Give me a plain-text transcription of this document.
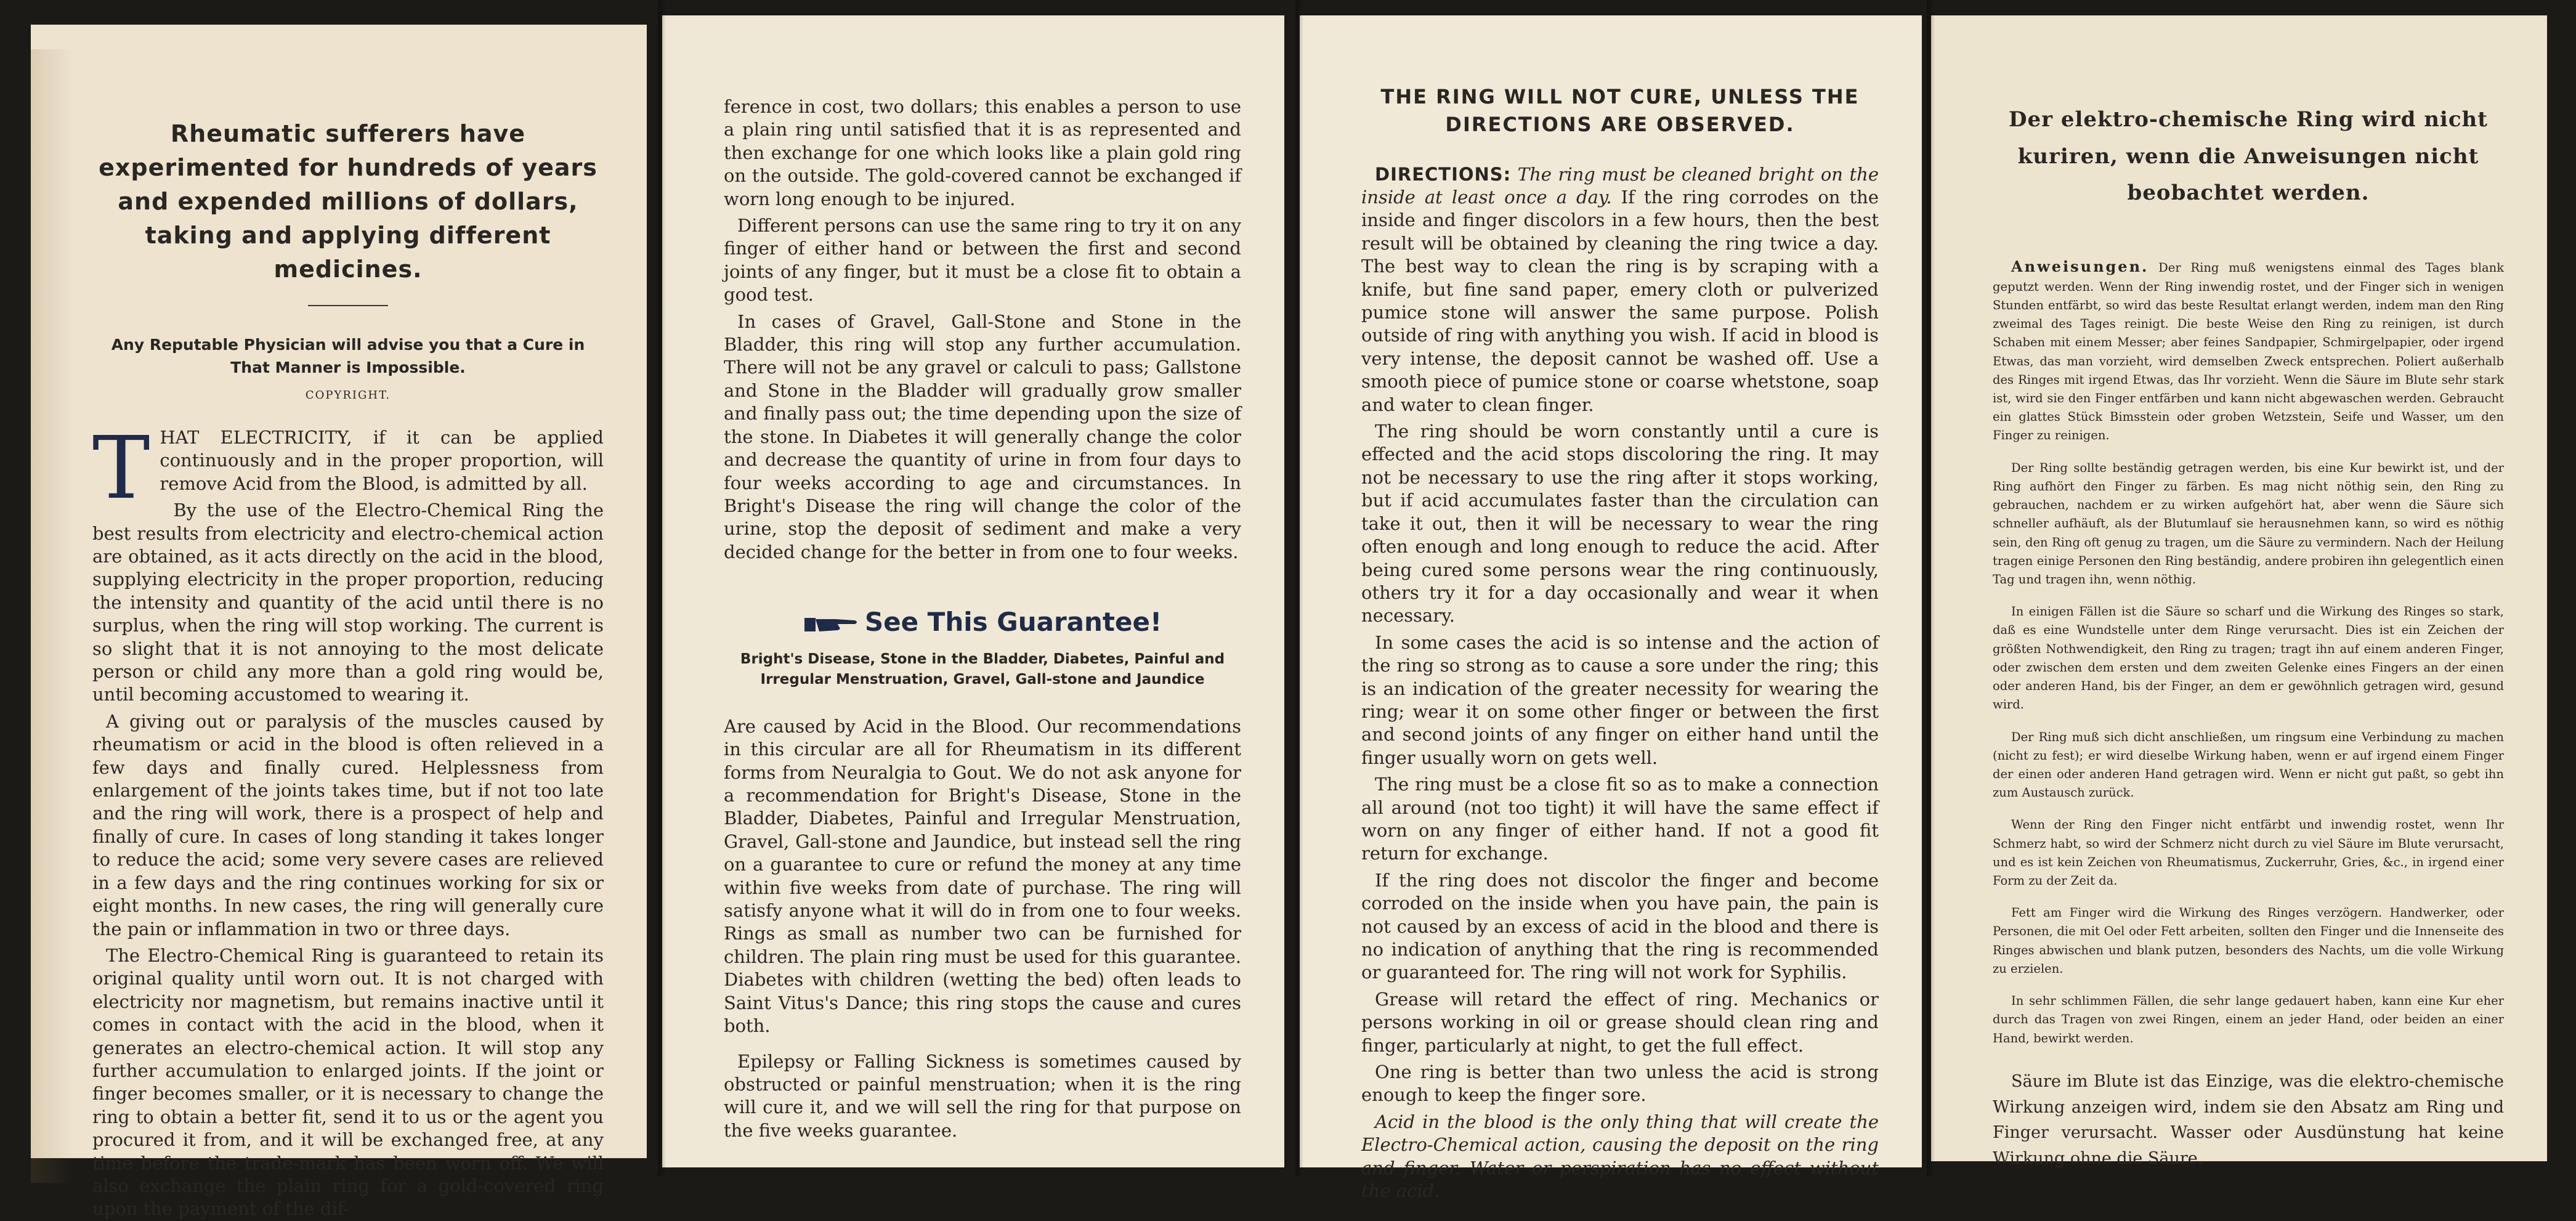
Rheumatic sufferers have experimented for hundreds of years and expended millions of dollars, taking and applying different medicines.

Any Reputable Physician will advise you that a Cure in That Manner is Impossible.

COPYRIGHT.

THAT ELECTRICITY, if it can be applied continuously and in the proper proportion, will remove Acid from the Blood, is admitted by all.

By the use of the Electro-Chemical Ring the best results from electricity and electro-chemical action are obtained, as it acts directly on the acid in the blood, supplying electricity in the proper proportion, reducing the intensity and quantity of the acid until there is no surplus, when the ring will stop working. The current is so slight that it is not annoying to the most delicate person or child any more than a gold ring would be, until becoming accustomed to wearing it.

A giving out or paralysis of the muscles caused by rheumatism or acid in the blood is often relieved in a few days and finally cured. Helplessness from enlargement of the joints takes time, but if not too late and the ring will work, there is a prospect of help and finally of cure. In cases of long standing it takes longer to reduce the acid; some very severe cases are relieved in a few days and the ring continues working for six or eight months. In new cases, the ring will generally cure the pain or inflammation in two or three days.

The Electro-Chemical Ring is guaranteed to retain its original quality until worn out. It is not charged with electricity nor magnetism, but remains inactive until it comes in contact with the acid in the blood, when it generates an electro-chemical action. It will stop any further accumulation to enlarged joints. If the joint or finger becomes smaller, or it is necessary to change the ring to obtain a better fit, send it to us or the agent you procured it from, and it will be exchanged free, at any time before the trade-mark has been worn off. We will also exchange the plain ring for a gold-covered ring upon the payment of the dif-

ference in cost, two dollars; this enables a person to use a plain ring until satisfied that it is as represented and then exchange for one which looks like a plain gold ring on the outside. The gold-covered cannot be exchanged if worn long enough to be injured.

Different persons can use the same ring to try it on any finger of either hand or between the first and second joints of any finger, but it must be a close fit to obtain a good test.

In cases of Gravel, Gall-Stone and Stone in the Bladder, this ring will stop any further accumulation. There will not be any gravel or calculi to pass; Gallstone and Stone in the Bladder will gradually grow smaller and finally pass out; the time depending upon the size of the stone. In Diabetes it will generally change the color and decrease the quantity of urine in from four days to four weeks according to age and circumstances. In Bright's Disease the ring will change the color of the urine, stop the deposit of sediment and make a very decided change for the better in from one to four weeks.

See This Guarantee!

Bright's Disease, Stone in the Bladder, Diabetes, Painful and Irregular Menstruation, Gravel, Gall-stone and Jaundice

Are caused by Acid in the Blood. Our recommendations in this circular are all for Rheumatism in its different forms from Neuralgia to Gout. We do not ask anyone for a recommendation for Bright's Disease, Stone in the Bladder, Diabetes, Painful and Irregular Menstruation, Gravel, Gall-stone and Jaundice, but instead sell the ring on a guarantee to cure or refund the money at any time within five weeks from date of purchase. The ring will satisfy anyone what it will do in from one to four weeks. Rings as small as number two can be furnished for children. The plain ring must be used for this guarantee. Diabetes with children (wetting the bed) often leads to Saint Vitus's Dance; this ring stops the cause and cures both.

Epilepsy or Falling Sickness is sometimes caused by obstructed or painful menstruation; when it is the ring will cure it, and we will sell the ring for that purpose on the five weeks guarantee.

THE RING WILL NOT CURE, UNLESS THE DIRECTIONS ARE OBSERVED.

DIRECTIONS: The ring must be cleaned bright on the inside at least once a day. If the ring corrodes on the inside and finger discolors in a few hours, then the best result will be obtained by cleaning the ring twice a day. The best way to clean the ring is by scraping with a knife, but fine sand paper, emery cloth or pulverized pumice stone will answer the same purpose. Polish outside of ring with anything you wish. If acid in blood is very intense, the deposit cannot be washed off. Use a smooth piece of pumice stone or coarse whetstone, soap and water to clean finger.

The ring should be worn constantly until a cure is effected and the acid stops discoloring the ring. It may not be necessary to use the ring after it stops working, but if acid accumulates faster than the circulation can take it out, then it will be necessary to wear the ring often enough and long enough to reduce the acid. After being cured some persons wear the ring continuously, others try it for a day occasionally and wear it when necessary.

In some cases the acid is so intense and the action of the ring so strong as to cause a sore under the ring; this is an indication of the greater necessity for wearing the ring; wear it on some other finger or between the first and second joints of any finger on either hand until the finger usually worn on gets well.

The ring must be a close fit so as to make a connection all around (not too tight) it will have the same effect if worn on any finger of either hand. If not a good fit return for exchange.

If the ring does not discolor the finger and become corroded on the inside when you have pain, the pain is not caused by an excess of acid in the blood and there is no indication of anything that the ring is recommended or guaranteed for. The ring will not work for Syphilis.

Grease will retard the effect of ring. Mechanics or persons working in oil or grease should clean ring and finger, particularly at night, to get the full effect.

One ring is better than two unless the acid is strong enough to keep the finger sore.

Acid in the blood is the only thing that will create the Electro-Chemical action, causing the deposit on the ring and finger. Water or perspiration has no effect without the acid.

Der elektro-chemische Ring wird nicht kuriren, wenn die Anweisungen nicht beobachtet werden.

Anweisungen. Der Ring muß wenigstens einmal des Tages blank geputzt werden. Wenn der Ring inwendig rostet, und der Finger sich in wenigen Stunden entfärbt, so wird das beste Resultat erlangt werden, indem man den Ring zweimal des Tages reinigt. Die beste Weise den Ring zu reinigen, ist durch Schaben mit einem Messer; aber feines Sandpapier, Schmirgelpapier, oder irgend Etwas, das man vorzieht, wird demselben Zweck entsprechen. Poliert außerhalb des Ringes mit irgend Etwas, das Ihr vorzieht. Wenn die Säure im Blute sehr stark ist, wird sie den Finger entfärben und kann nicht abgewaschen werden. Gebraucht ein glattes Stück Bimsstein oder groben Wetzstein, Seife und Wasser, um den Finger zu reinigen.

Der Ring sollte beständig getragen werden, bis eine Kur bewirkt ist, und der Ring aufhört den Finger zu färben. Es mag nicht nöthig sein, den Ring zu gebrauchen, nachdem er zu wirken aufgehört hat, aber wenn die Säure sich schneller aufhäuft, als der Blutumlauf sie herausnehmen kann, so wird es nöthig sein, den Ring oft genug zu tragen, um die Säure zu vermindern. Nach der Heilung tragen einige Personen den Ring beständig, andere probiren ihn gelegentlich einen Tag und tragen ihn, wenn nöthig.

In einigen Fällen ist die Säure so scharf und die Wirkung des Ringes so stark, daß es eine Wundstelle unter dem Ringe verursacht. Dies ist ein Zeichen der größten Nothwendigkeit, den Ring zu tragen; tragt ihn auf einem anderen Finger, oder zwischen dem ersten und dem zweiten Gelenke eines Fingers an der einen oder anderen Hand, bis der Finger, an dem er gewöhnlich getragen wird, gesund wird.

Der Ring muß sich dicht anschließen, um ringsum eine Verbindung zu machen (nicht zu fest); er wird dieselbe Wirkung haben, wenn er auf irgend einem Finger der einen oder anderen Hand getragen wird. Wenn er nicht gut paßt, so gebt ihn zum Austausch zurück.

Wenn der Ring den Finger nicht entfärbt und inwendig rostet, wenn Ihr Schmerz habt, so wird der Schmerz nicht durch zu viel Säure im Blute verursacht, und es ist kein Zeichen von Rheumatismus, Zuckerruhr, Gries, &c., in irgend einer Form zu der Zeit da.

Fett am Finger wird die Wirkung des Ringes verzögern. Handwerker, oder Personen, die mit Oel oder Fett arbeiten, sollten den Finger und die Innenseite des Ringes abwischen und blank putzen, besonders des Nachts, um die volle Wirkung zu erzielen.

In sehr schlimmen Fällen, die sehr lange gedauert haben, kann eine Kur eher durch das Tragen von zwei Ringen, einem an jeder Hand, oder beiden an einer Hand, bewirkt werden.

Säure im Blute ist das Einzige, was die elektro-chemische Wirkung anzeigen wird, indem sie den Absatz am Ring und Finger verursacht. Wasser oder Ausdünstung hat keine Wirkung ohne die Säure.
